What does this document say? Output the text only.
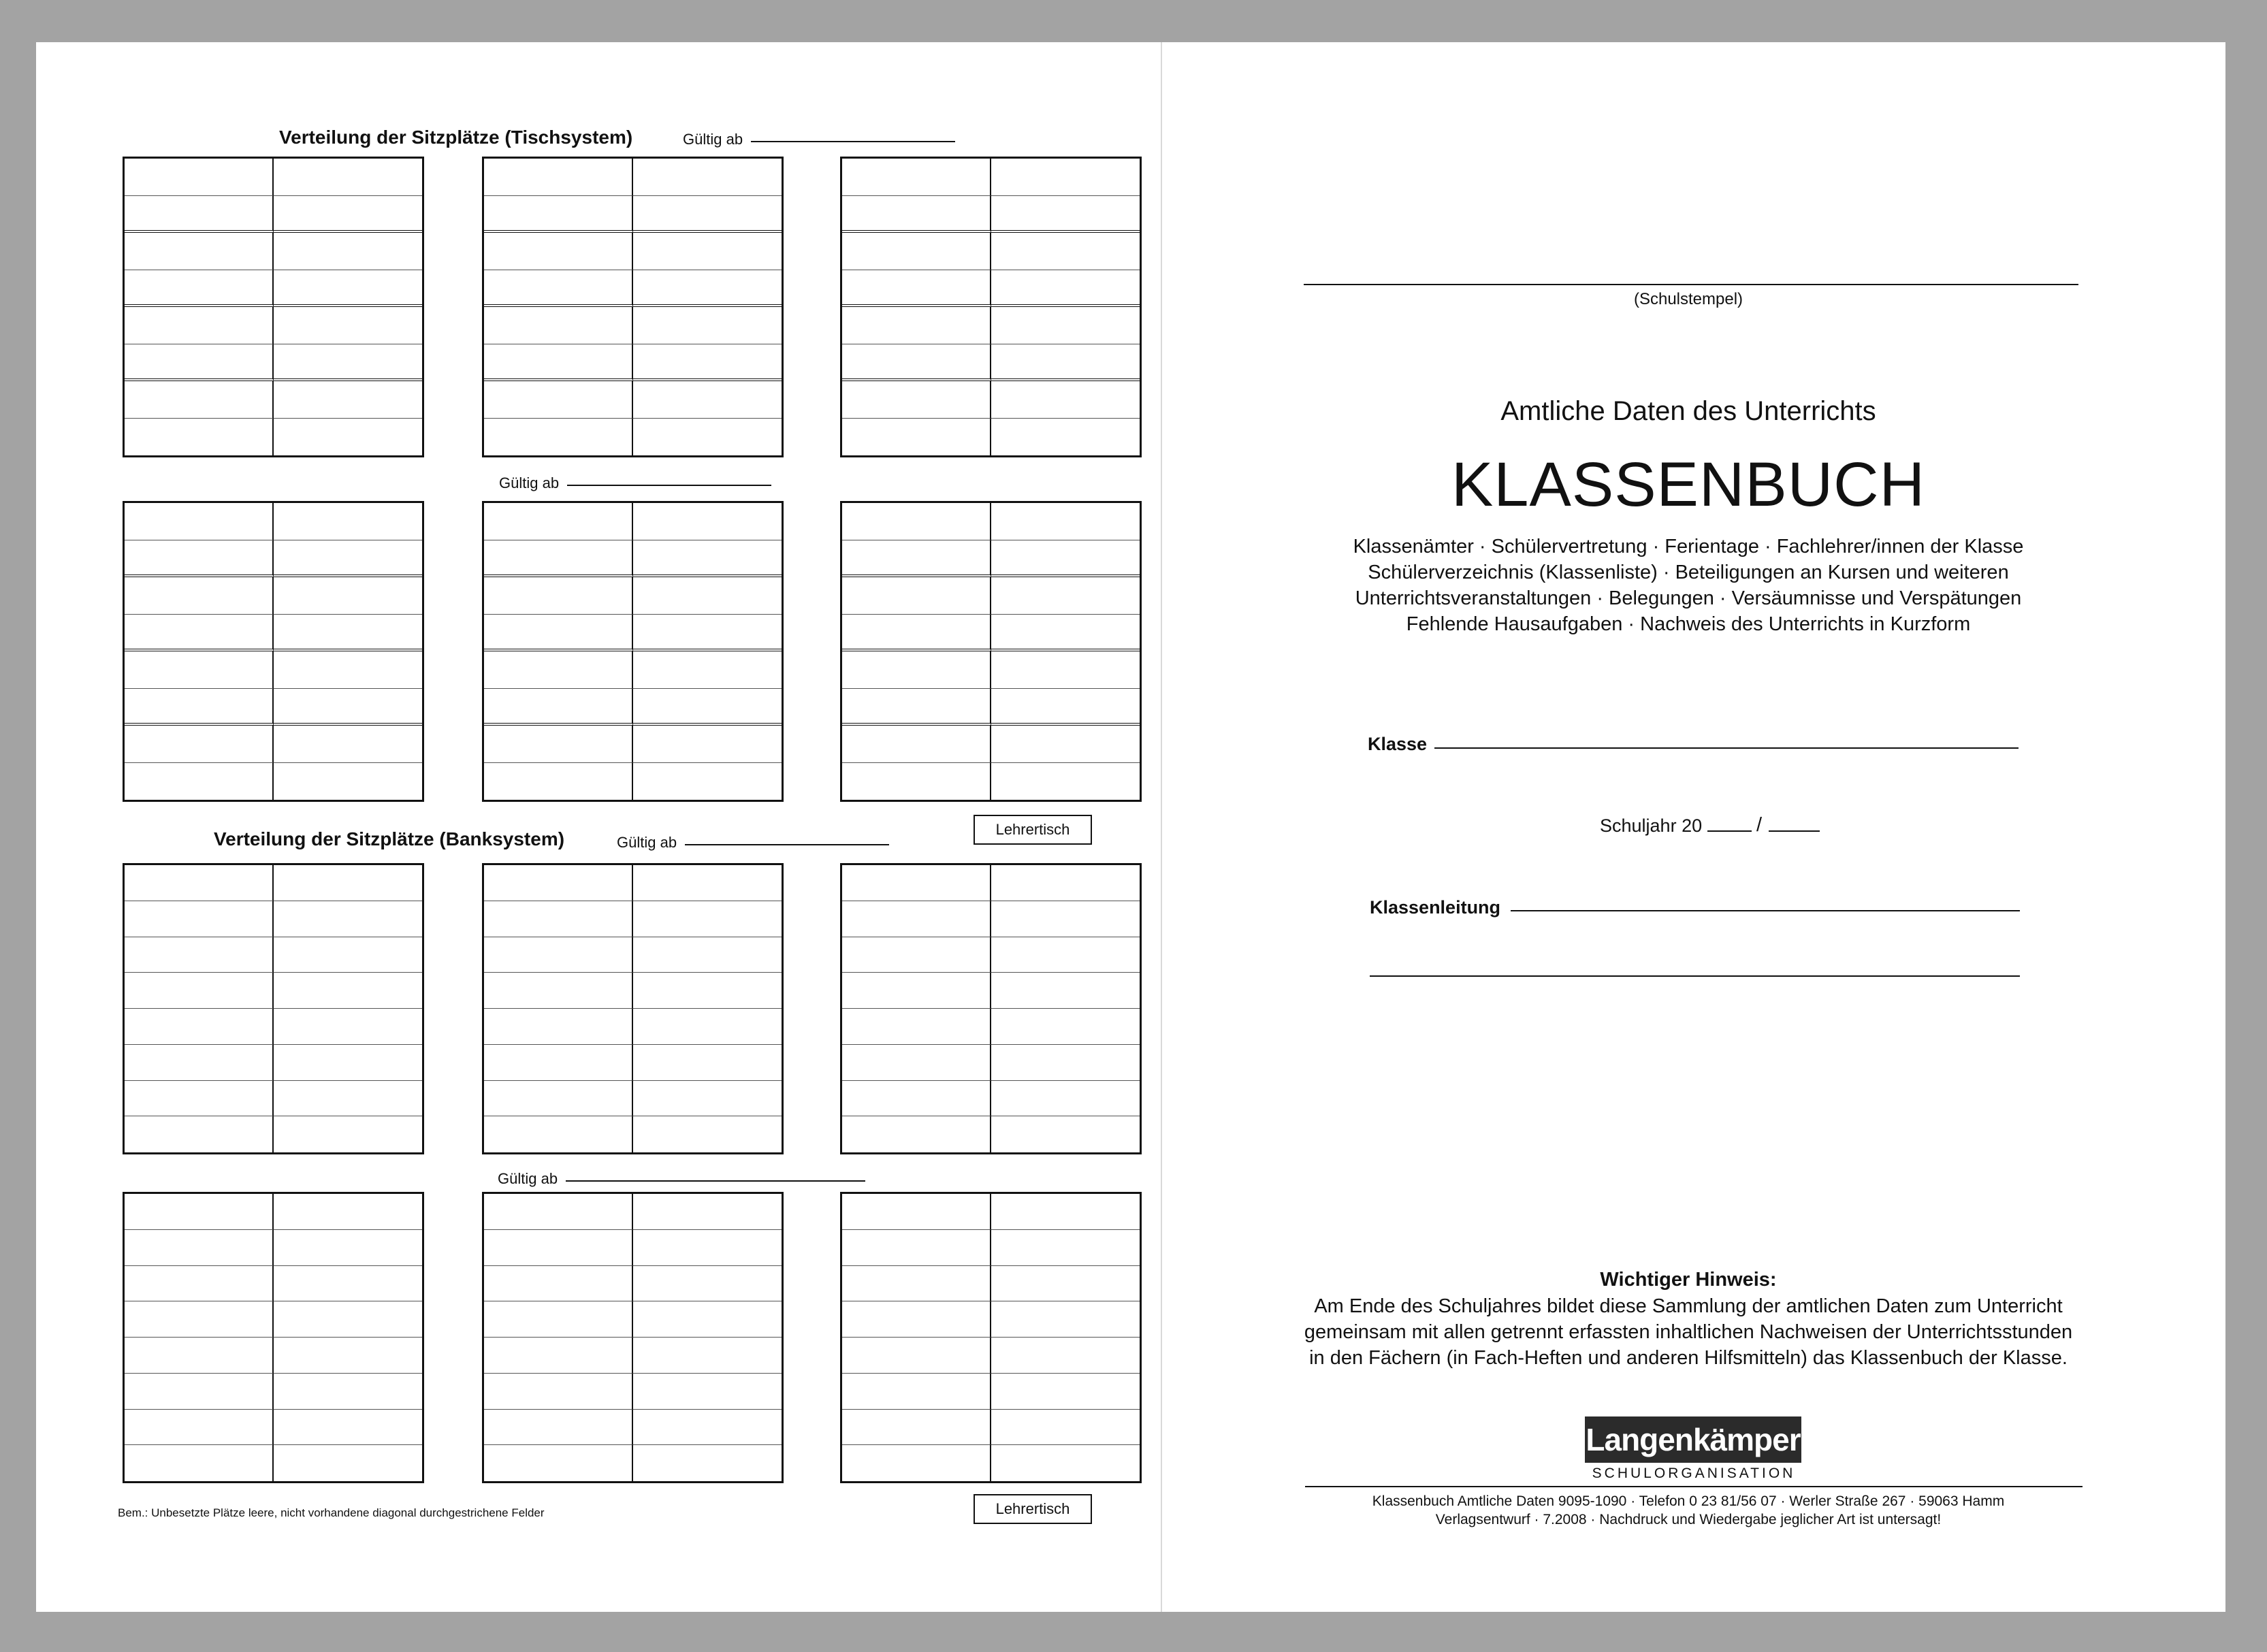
Verteilung der Sitzplätze (Tischsystem)	Gültig ab
Gültig ab
Verteilung der Sitzplätze (Banksystem)	Gültig ab
Gültig ab
Lehrertisch
Lehrertisch
Bem.: Unbesetzte Plätze leere, nicht vorhandene diagonal durchgestrichene Felder
(Schulstempel)
Amtliche Daten des Unterrichts
KLASSENBUCH
Klassenämter · Schülervertretung · Ferientage · Fachlehrer/innen der Klasse
Schülerverzeichnis (Klassenliste) · Beteiligungen an Kursen und weiteren
Unterrichtsveranstaltungen · Belegungen · Versäumnisse und Verspätungen
Fehlende Hausaufgaben · Nachweis des Unterrichts in Kurzform
Klasse
Schuljahr 20	/
Klassenleitung
Wichtiger Hinweis:
Am Ende des Schuljahres bildet diese Sammlung der amtlichen Daten zum Unterricht
gemeinsam mit allen getrennt erfassten inhaltlichen Nachweisen der Unterrichtsstunden
in den Fächern (in Fach-Heften und anderen Hilfsmitteln) das Klassenbuch der Klasse.
Langenkämper
SCHULORGANISATION
Klassenbuch Amtliche Daten 9095-1090 · Telefon 0 23 81/56 07 · Werler Straße 267 · 59063 Hamm
Verlagsentwurf · 7.2008 · Nachdruck und Wiedergabe jeglicher Art ist untersagt!
